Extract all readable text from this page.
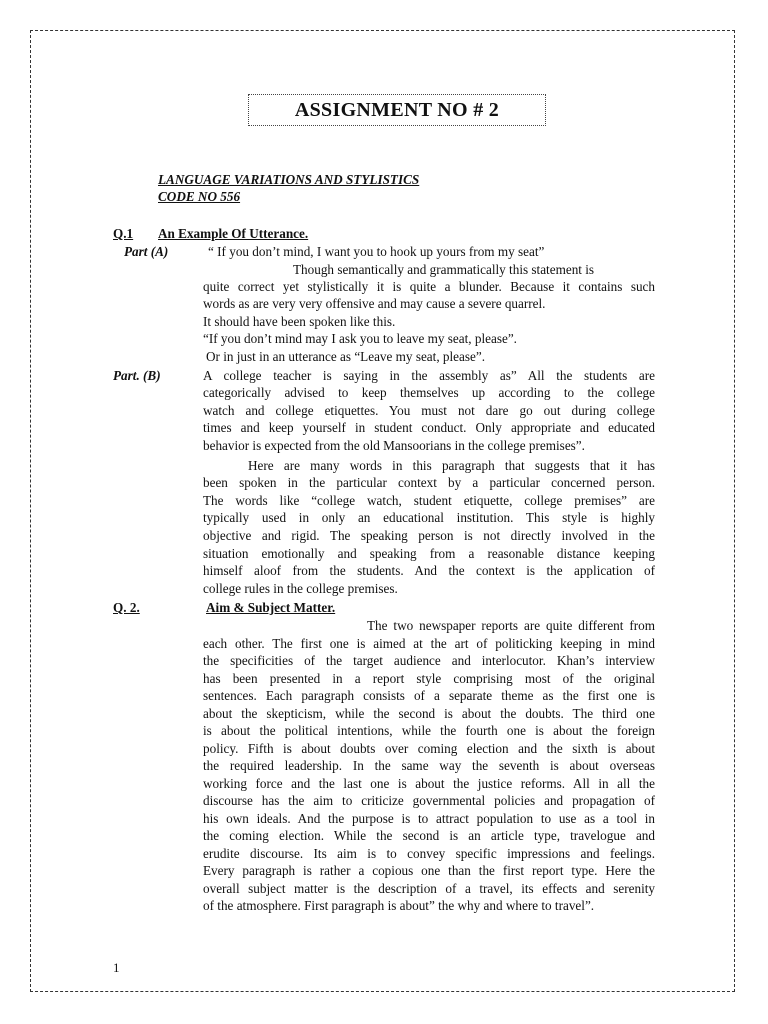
ASSIGNMENT NO # 2
LANGUAGE VARIATIONS AND STYLISTICS
CODE NO 556
Q.1 An Example Of Utterance.
Part (A)	“ If you don’t mind, I want you to hook up yours from my seat”
Though semantically and grammatically this statement is
quite correct yet stylistically it is quite a blunder. Because it contains such
words as are very very offensive and may cause a severe quarrel.
It should have been spoken like this.
“If you don’t mind may I ask you to leave my seat, please”.
Or in just in an utterance as “Leave my seat, please”.
Part. (B)	A college teacher is saying in the assembly as” All the students are
categorically advised to keep themselves up according to the college
watch and college etiquettes. You must not dare go out during college
times and keep yourself in student conduct. Only appropriate and educated
behavior is expected from the old Mansoorians in the college premises”.
Here are many words in this paragraph that suggests that it has
been spoken in the particular context by a particular concerned person.
The words like “college watch, student etiquette, college premises” are
typically used in only an educational institution. This style is highly
objective and rigid. The speaking person is not directly involved in the
situation emotionally and speaking from a reasonable distance keeping
himself aloof from the students. And the context is the application of
college rules in the college premises.
Q. 2.	Aim & Subject Matter.
The two newspaper reports are quite different from
each other. The first one is aimed at the art of politicking keeping in mind
the specificities of the target audience and interlocutor. Khan’s interview
has been presented in a report style comprising most of the original
sentences. Each paragraph consists of a separate theme as the first one is
about the skepticism, while the second is about the doubts. The third one
is about the political intentions, while the fourth one is about the foreign
policy. Fifth is about doubts over coming election and the sixth is about
the required leadership. In the same way the seventh is about overseas
working force and the last one is about the justice reforms. All in all the
discourse has the aim to criticize governmental policies and propagation of
his own ideals. And the purpose is to attract population to use as a tool in
the coming election. While the second is an article type, travelogue and
erudite discourse. Its aim is to convey specific impressions and feelings.
Every paragraph is rather a copious one than the first report type. Here the
overall subject matter is the description of a travel, its effects and serenity
of the atmosphere. First paragraph is about” the why and where to travel”.
1
